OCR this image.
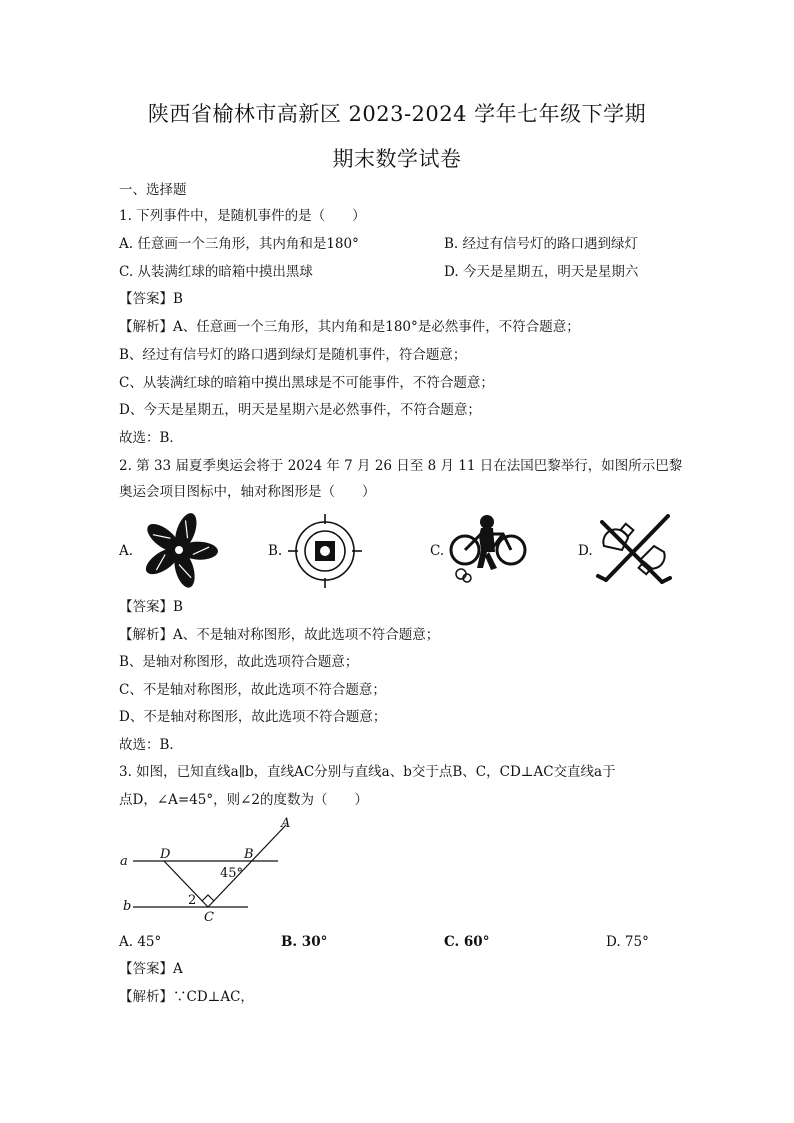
陕西省榆林市高新区 2023-2024 学年七年级下学期
期末数学试卷
一、选择题
1. 下列事件中，是随机事件的是（　　）
A. 任意画一个三角形，其内角和是180°	B. 经过有信号灯的路口遇到绿灯
C. 从装满红球的暗箱中摸出黑球	D. 今天是星期五，明天是星期六
【答案】B
【解析】A、任意画一个三角形，其内角和是180°是必然事件，不符合题意；
B、经过有信号灯的路口遇到绿灯是随机事件，符合题意；
C、从装满红球的暗箱中摸出黑球是不可能事件，不符合题意；
D、今天是星期五，明天是星期六是必然事件，不符合题意；
故选：B．
2. 第 33 届夏季奥运会将于 2024 年 7 月 26 日至 8 月 11 日在法国巴黎举行，如图所示巴黎
奥运会项目图标中，轴对称图形是（　　）
A.	B.	C.	D.
【答案】B
【解析】A、不是轴对称图形，故此选项不符合题意；
B、是轴对称图形，故此选项符合题意；
C、不是轴对称图形，故此选项不符合题意；
D、不是轴对称图形，故此选项不符合题意；
故选：B．
3. 如图，已知直线a∥b，直线AC分别与直线a、b交于点B、C，CD⊥AC交直线a于
点D，∠A=45°，则∠2的度数为（　　）
A
B
C
D
a
b
45°
2
A. 45°	B. 30°	C. 60°	D. 75°
【答案】A
【解析】∵CD⊥AC，
